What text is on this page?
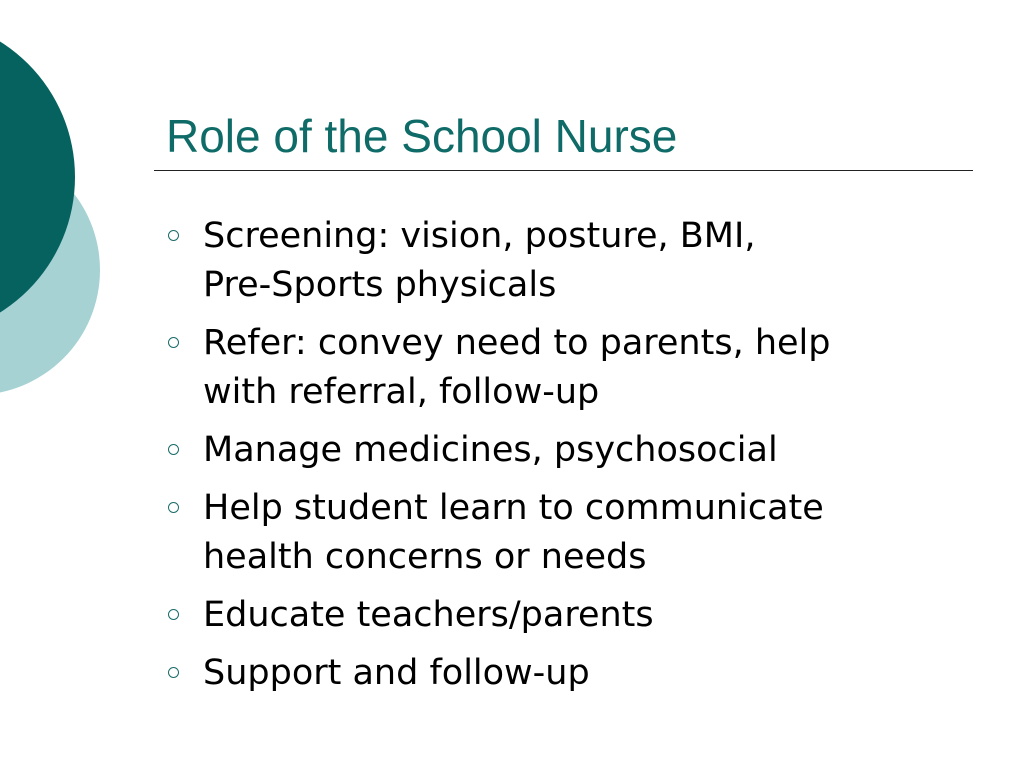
Role of the School Nurse
Screening: vision, posture, BMI,
Pre-Sports physicals
Refer: convey need to parents, help
with referral, follow-up
Manage medicines, psychosocial
Help student learn to communicate
health concerns or needs
Educate teachers/parents
Support and follow-up
